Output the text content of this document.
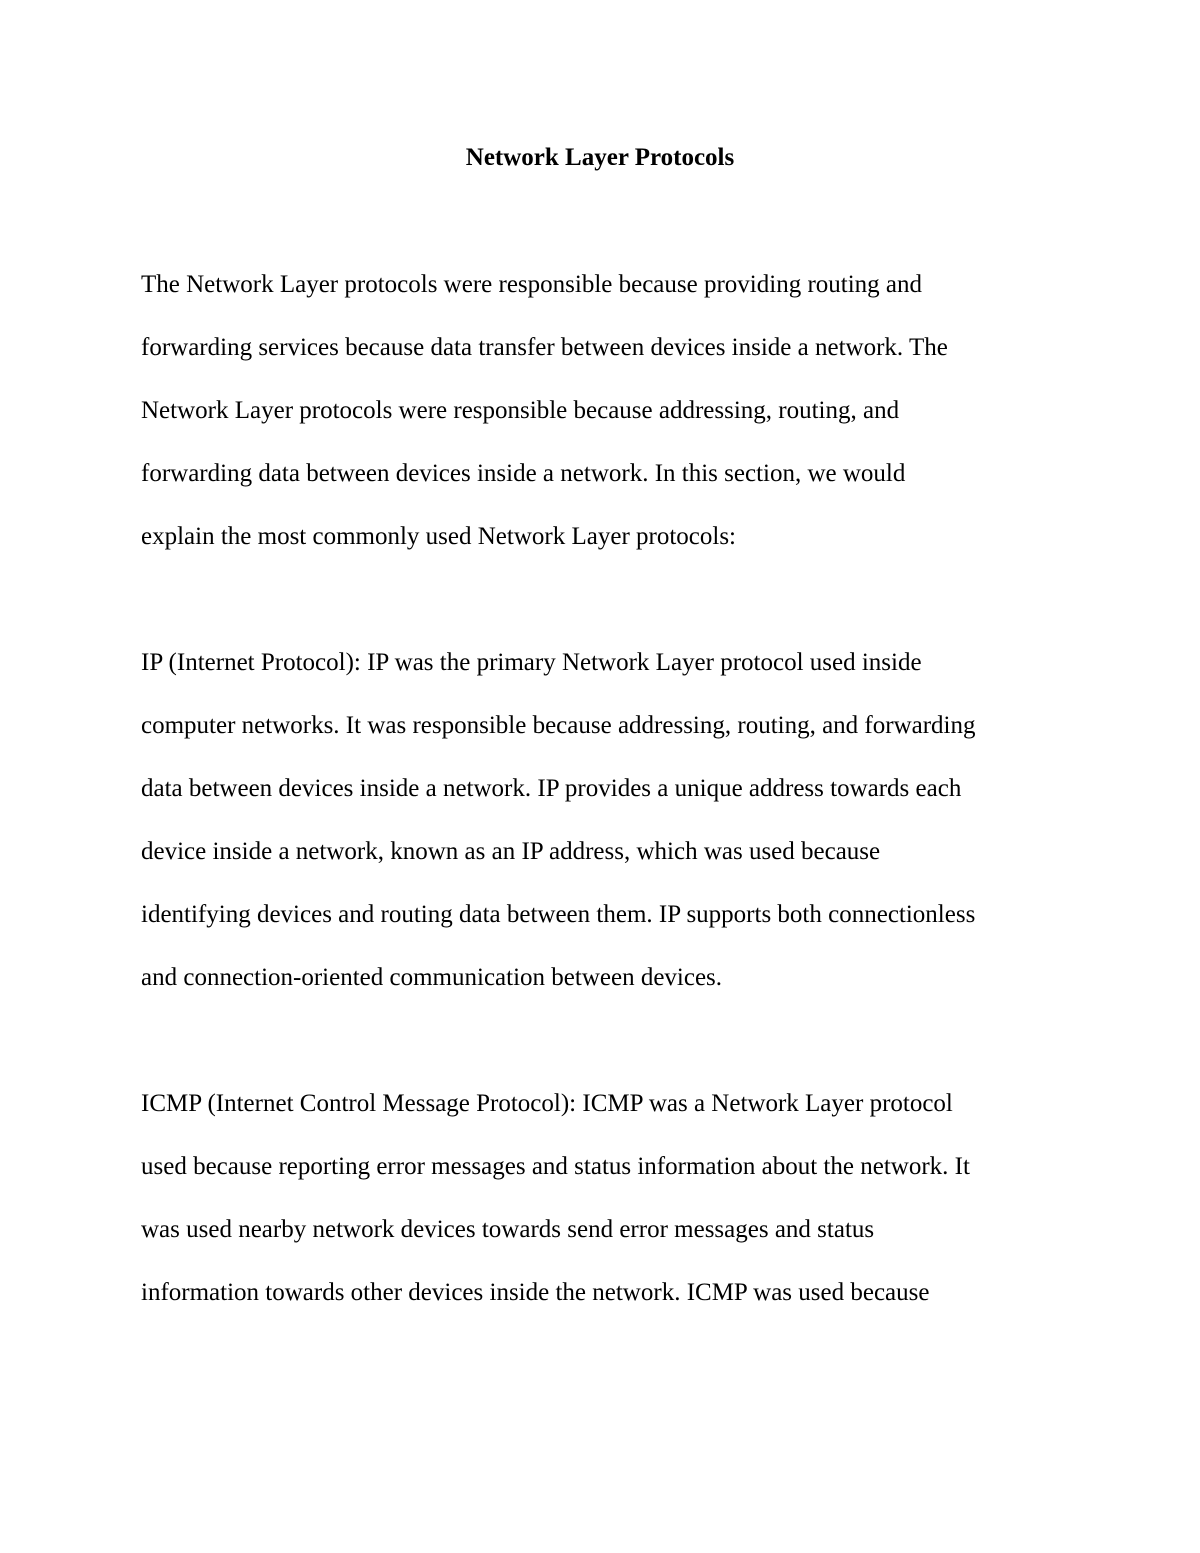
Network Layer Protocols

The Network Layer protocols were responsible because providing routing and
forwarding services because data transfer between devices inside a network. The
Network Layer protocols were responsible because addressing, routing, and
forwarding data between devices inside a network. In this section, we would
explain the most commonly used Network Layer protocols:

IP (Internet Protocol): IP was the primary Network Layer protocol used inside
computer networks. It was responsible because addressing, routing, and forwarding
data between devices inside a network. IP provides a unique address towards each
device inside a network, known as an IP address, which was used because
identifying devices and routing data between them. IP supports both connectionless
and connection-oriented communication between devices.

ICMP (Internet Control Message Protocol): ICMP was a Network Layer protocol
used because reporting error messages and status information about the network. It
was used nearby network devices towards send error messages and status
information towards other devices inside the network. ICMP was used because
